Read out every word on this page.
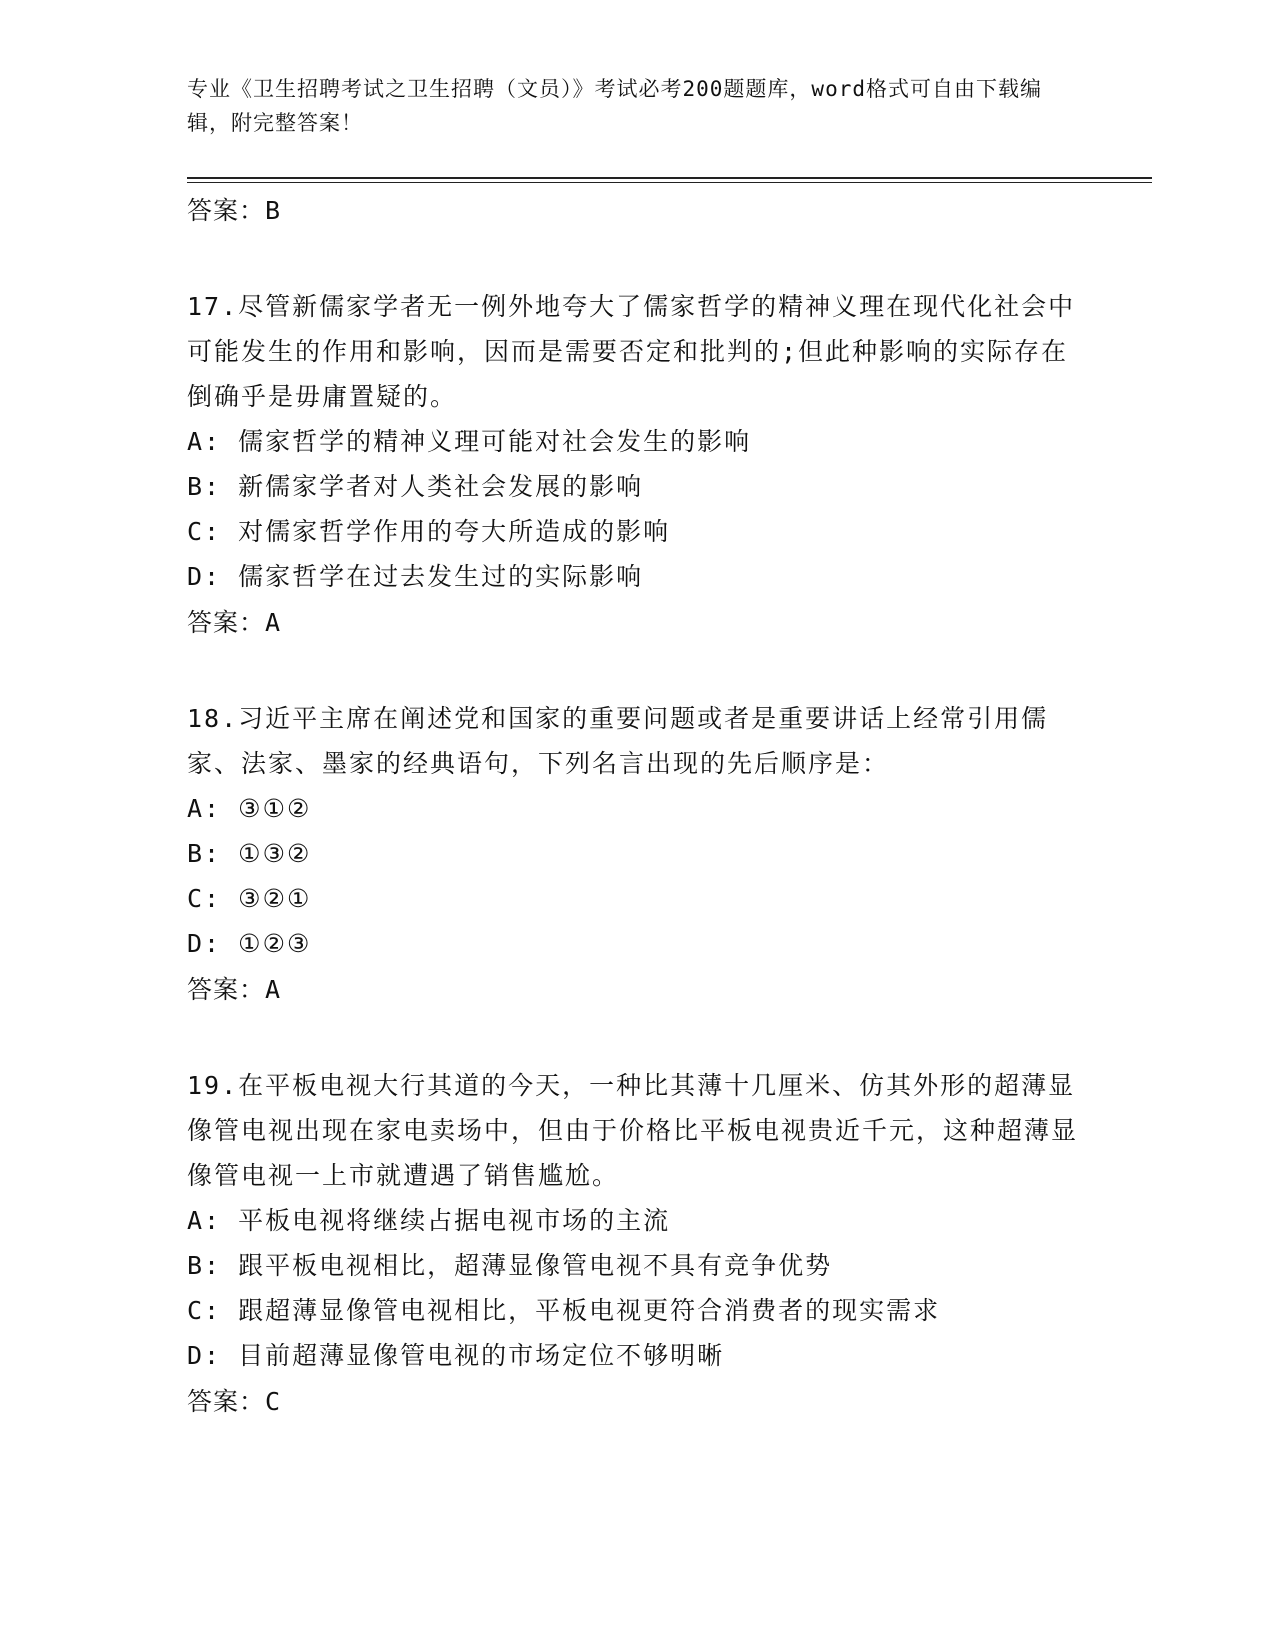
专业《卫生招聘考试之卫生招聘（文员）》考试必考200题题库，word格式可自由下载编辑，附完整答案！
答案：B
17.尽管新儒家学者无一例外地夸大了儒家哲学的精神义理在现代化社会中可能发生的作用和影响，因而是需要否定和批判的;但此种影响的实际存在倒确乎是毋庸置疑的。
A: 儒家哲学的精神义理可能对社会发生的影响
B: 新儒家学者对人类社会发展的影响
C: 对儒家哲学作用的夸大所造成的影响
D: 儒家哲学在过去发生过的实际影响
答案：A
18.习近平主席在阐述党和国家的重要问题或者是重要讲话上经常引用儒家、法家、墨家的经典语句，下列名言出现的先后顺序是：
A: ③①②
B: ①③②
C: ③②①
D: ①②③
答案：A
19.在平板电视大行其道的今天，一种比其薄十几厘米、仿其外形的超薄显像管电视出现在家电卖场中，但由于价格比平板电视贵近千元，这种超薄显像管电视一上市就遭遇了销售尴尬。
A: 平板电视将继续占据电视市场的主流
B: 跟平板电视相比，超薄显像管电视不具有竞争优势
C: 跟超薄显像管电视相比，平板电视更符合消费者的现实需求
D: 目前超薄显像管电视的市场定位不够明晰
答案：C
